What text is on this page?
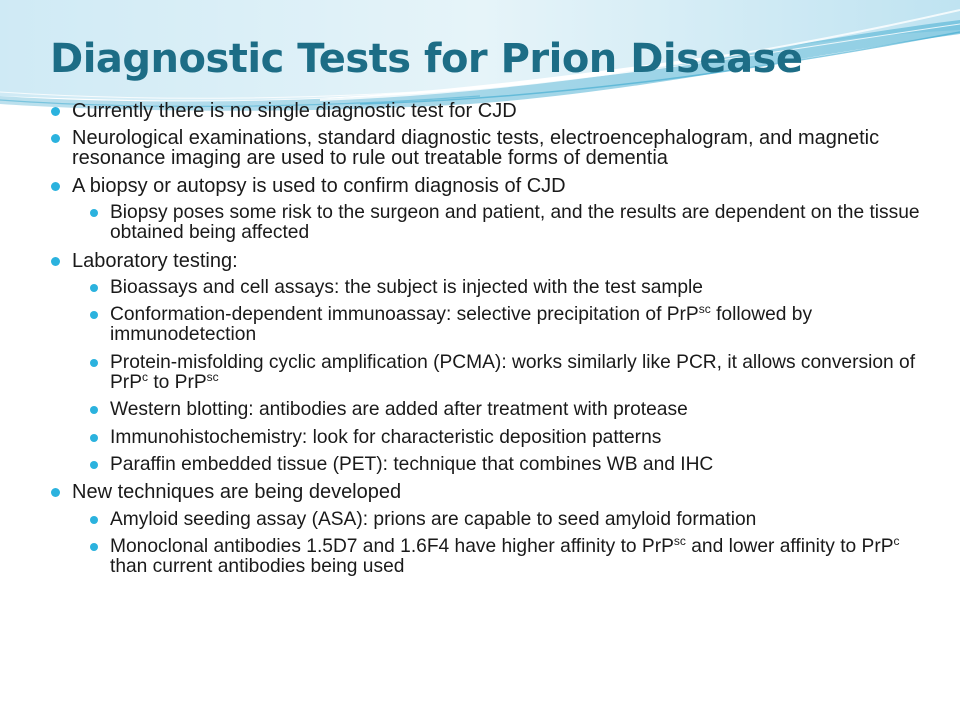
Diagnostic Tests for Prion Disease
Currently there is no single diagnostic test for CJD
Neurological examinations, standard diagnostic tests, electroencephalogram, and magnetic resonance imaging are used to rule out treatable forms of dementia
A biopsy or autopsy is used to confirm diagnosis of CJD
Biopsy poses some risk to the surgeon and patient, and the results are dependent on the tissue obtained being affected
Laboratory testing:
Bioassays and cell assays: the subject is injected with the test sample
Conformation-dependent immunoassay: selective precipitation of PrP$^{sc}$ followed by immunodetection
Protein-misfolding cyclic amplification (PCMA): works similarly like PCR, it allows conversion of PrP$^c$ to PrP$^{sc}$
Western blotting: antibodies are added after treatment with protease
Immunohistochemistry: look for characteristic deposition patterns
Paraffin embedded tissue (PET): technique that combines WB and IHC
New techniques are being developed
Amyloid seeding assay (ASA): prions are capable to seed amyloid formation
Monoclonal antibodies 1.5D7 and 1.6F4 have higher affinity to PrP$^{sc}$ and lower affinity to PrP$^c$ than current antibodies being used
